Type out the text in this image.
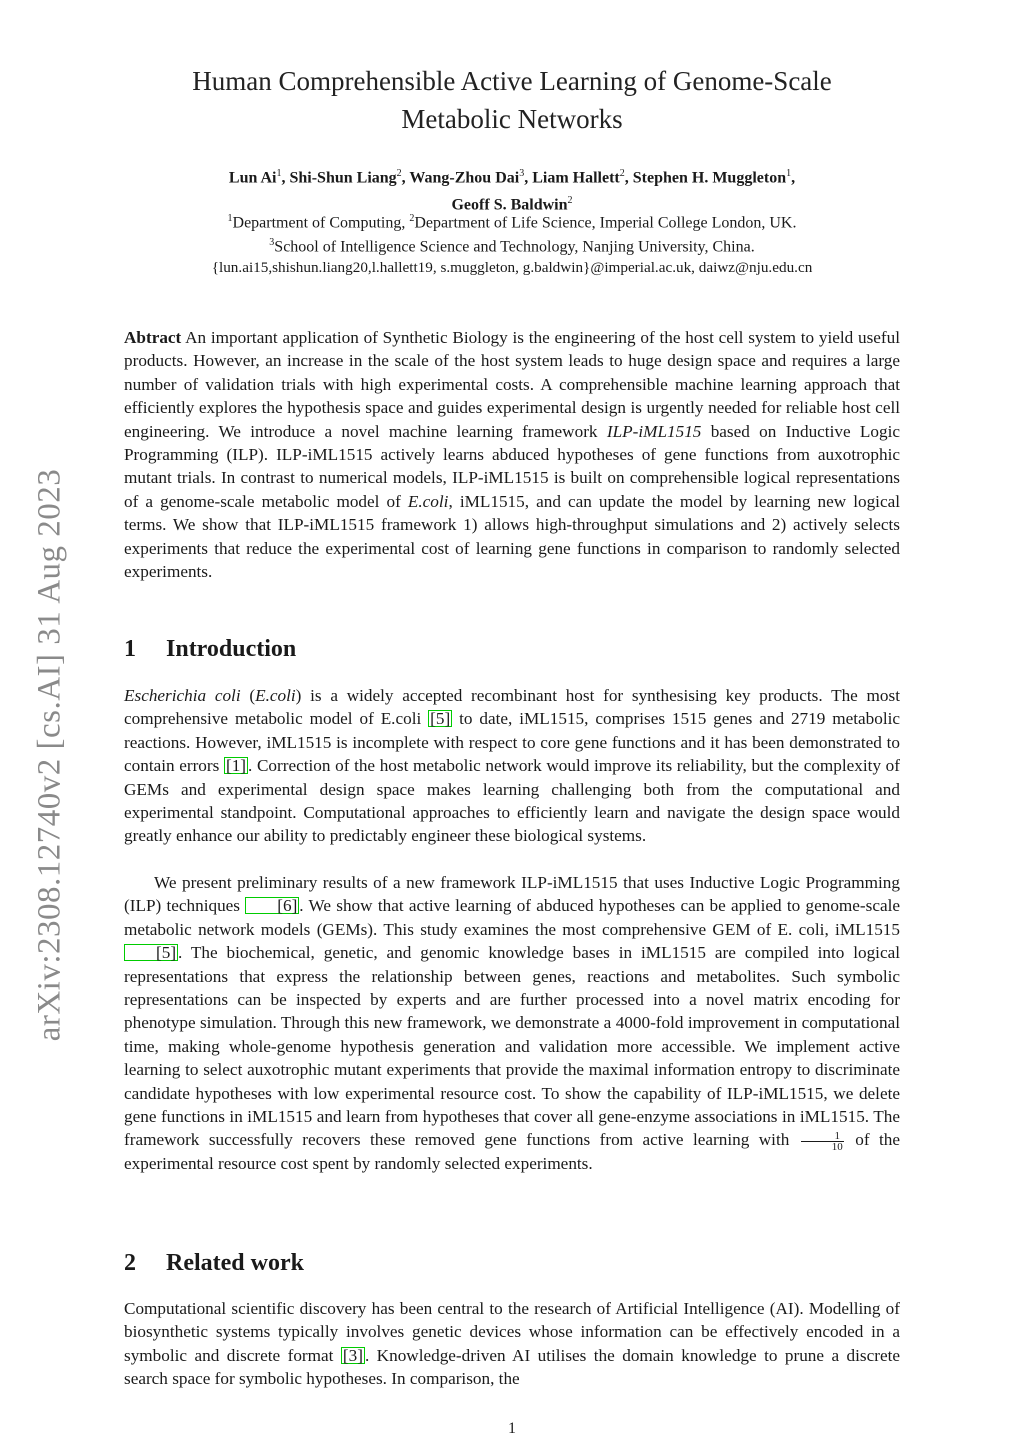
arXiv:2308.12740v2 [cs.AI] 31 Aug 2023
Human Comprehensible Active Learning of Genome-Scale
Metabolic Networks
Lun Ai$^1$, Shi-Shun Liang$^2$, Wang-Zhou Dai$^3$, Liam Hallett$^2$, Stephen H. Muggleton$^1$,
Geoff S. Baldwin$^2$
$^1$Department of Computing, $^2$Department of Life Science, Imperial College London, UK.
$^3$School of Intelligence Science and Technology, Nanjing University, China.
{lun.ai15,shishun.liang20,l.hallett19, s.muggleton, g.baldwin}@imperial.ac.uk, daiwz@nju.edu.cn
Abtract An important application of Synthetic Biology is the engineering of the host cell system to yield useful products. However, an increase in the scale of the host system leads to huge design space and requires a large number of validation trials with high experimental costs. A comprehensible machine learning approach that efficiently explores the hypothesis space and guides experimental design is urgently needed for reliable host cell engineering. We introduce a novel machine learning framework ILP-iML1515 based on Inductive Logic Programming (ILP). ILP-iML1515 actively learns abduced hypotheses of gene functions from auxotrophic mutant trials. In contrast to numerical models, ILP-iML1515 is built on comprehensible logical representations of a genome-scale metabolic model of E.coli, iML1515, and can update the model by learning new logical terms. We show that ILP-iML1515 framework 1) allows high-throughput simulations and 2) actively selects experiments that reduce the experimental cost of learning gene functions in comparison to randomly selected experiments.
1 Introduction

Escherichia coli (E.coli) is a widely accepted recombinant host for synthesising key products. The most comprehensive metabolic model of E.coli [5] to date, iML1515, comprises 1515 genes and 2719 metabolic reactions. However, iML1515 is incomplete with respect to core gene functions and it has been demonstrated to contain errors [1] . Correction of the host metabolic network would improve its reliability, but the complexity of GEMs and experimental design space makes learning challenging both from the computational and experimental standpoint. Computational approaches to efficiently learn and navigate the design space would greatly enhance our ability to predictably engineer these biological systems.

We present preliminary results of a new framework ILP-iML1515 that uses Inductive Logic Programming (ILP) techniques [6] . We show that active learning of abduced hypotheses can be applied to genome-scale metabolic network models (GEMs). This study examines the most comprehensive GEM of E. coli, iML1515 [5] . The biochemical, genetic, and genomic knowledge bases in iML1515 are compiled into logical representations that express the relationship between genes, reactions and metabolites. Such symbolic representations can be inspected by experts and are further processed into a novel matrix encoding for phenotype simulation. Through this new framework, we demonstrate a 4000-fold improvement in computational time, making whole-genome hypothesis generation and validation more accessible. We implement active learning to select auxotrophic mutant experiments that provide the maximal information entropy to discriminate candidate hypotheses with low experimental resource cost. To show the capability of ILP-iML1515, we delete gene functions in iML1515 and learn from hypotheses that cover all gene-enzyme associations in iML1515. The framework successfully recovers these removed gene functions from active learning with $\frac{1}{10}$ of the experimental resource cost spent by randomly selected experiments.

2 Related work

Computational scientific discovery has been central to the research of Artificial Intelligence (AI). Modelling of biosynthetic systems typically involves genetic devices whose information can be effectively encoded in a symbolic and discrete format [3] . Knowledge-driven AI utilises the domain knowledge to prune a discrete search space for symbolic hypotheses. In comparison, the

1
